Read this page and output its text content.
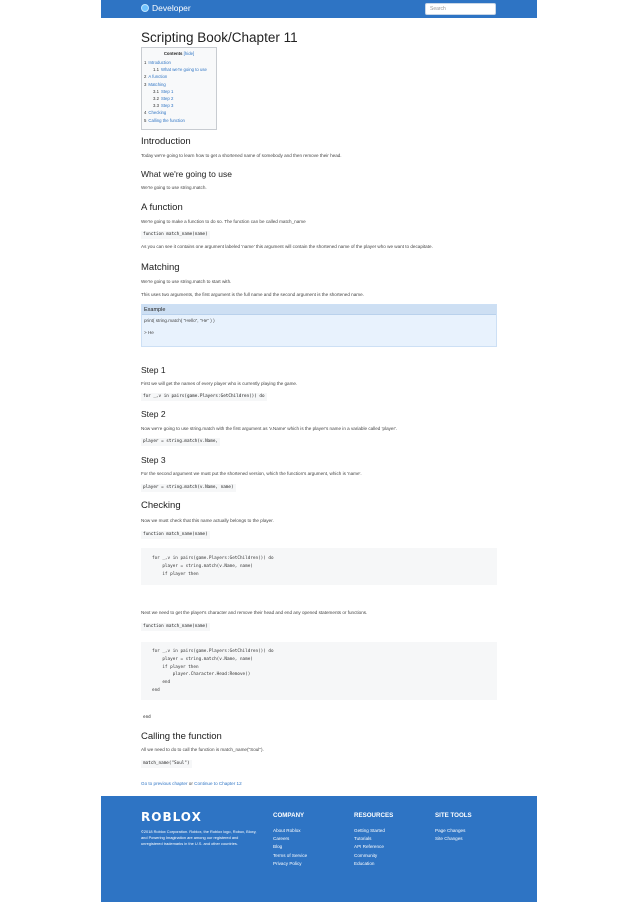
Developer	Search
Scripting Book/Chapter 11
Contents [hide]
1 Introduction
1.1 What we're going to use
2 A function
3 Matching
3.1 Step 1
3.2 Step 2
3.3 Step 3
4 Checking
5 Calling the function
Introduction

Today we're going to learn how to get a shortened name of somebody and then remove their head.

What we're going to use

We're going to use string.match.

A function

We're going to make a function to do so. The function can be called match_name

function match_name(name)

As you can see it contains one argument labeled 'name' this argument will contain the shortened name of the player who we want to decapitate.

Matching

We're going to use string.match to start with.

This uses two arguments, the first argument is the full name and the second argument is the shortened name.

Example
print( string.match( "Hello", "He" ) )

> He
Step 1

First we will get the names of every player who is currently playing the game.

for _,v in pairs(game.Players:GetChildren()) do
Step 2

Now we're going to use string.match with the first argument as 'v.Name' which is the player's name in a variable called 'player'.

player = string.match(v.Name,
Step 3

For the second argument we must put the shortened version, which the function's argument, which is 'name'.

player = string.match(v.Name, name)
Checking

Now we must check that this name actually belongs to the player.

function match_name(name)
for _,v in pairs(game.Players:GetChildren()) do
player = string.match(v.Name, name)
if player then

Next we need to get the player's character and remove their head and end any opened statements or functions.

function match_name(name)
for _,v in pairs(game.Players:GetChildren()) do
player = string.match(v.Name, name)
if player then
player.Character.Head:Remove()
end
end
end
Calling the function

All we need to do to call the function is match_name("Soul").

match_name("Soul")
Go to previous chapter or Continue to Chapter 12
ROBLOX
©2018 Roblox Corporation. Roblox, the Roblox logo, Robux, Bloxy, and Powering Imagination are among our registered and unregistered trademarks in the U.S. and other countries.
COMPANY
About Roblox
Careers
Blog
Terms of Service
Privacy Policy
RESOURCES
Getting Started
Tutorials
API Reference
Community
Education
SITE TOOLS
Page Changes
Site Changes
